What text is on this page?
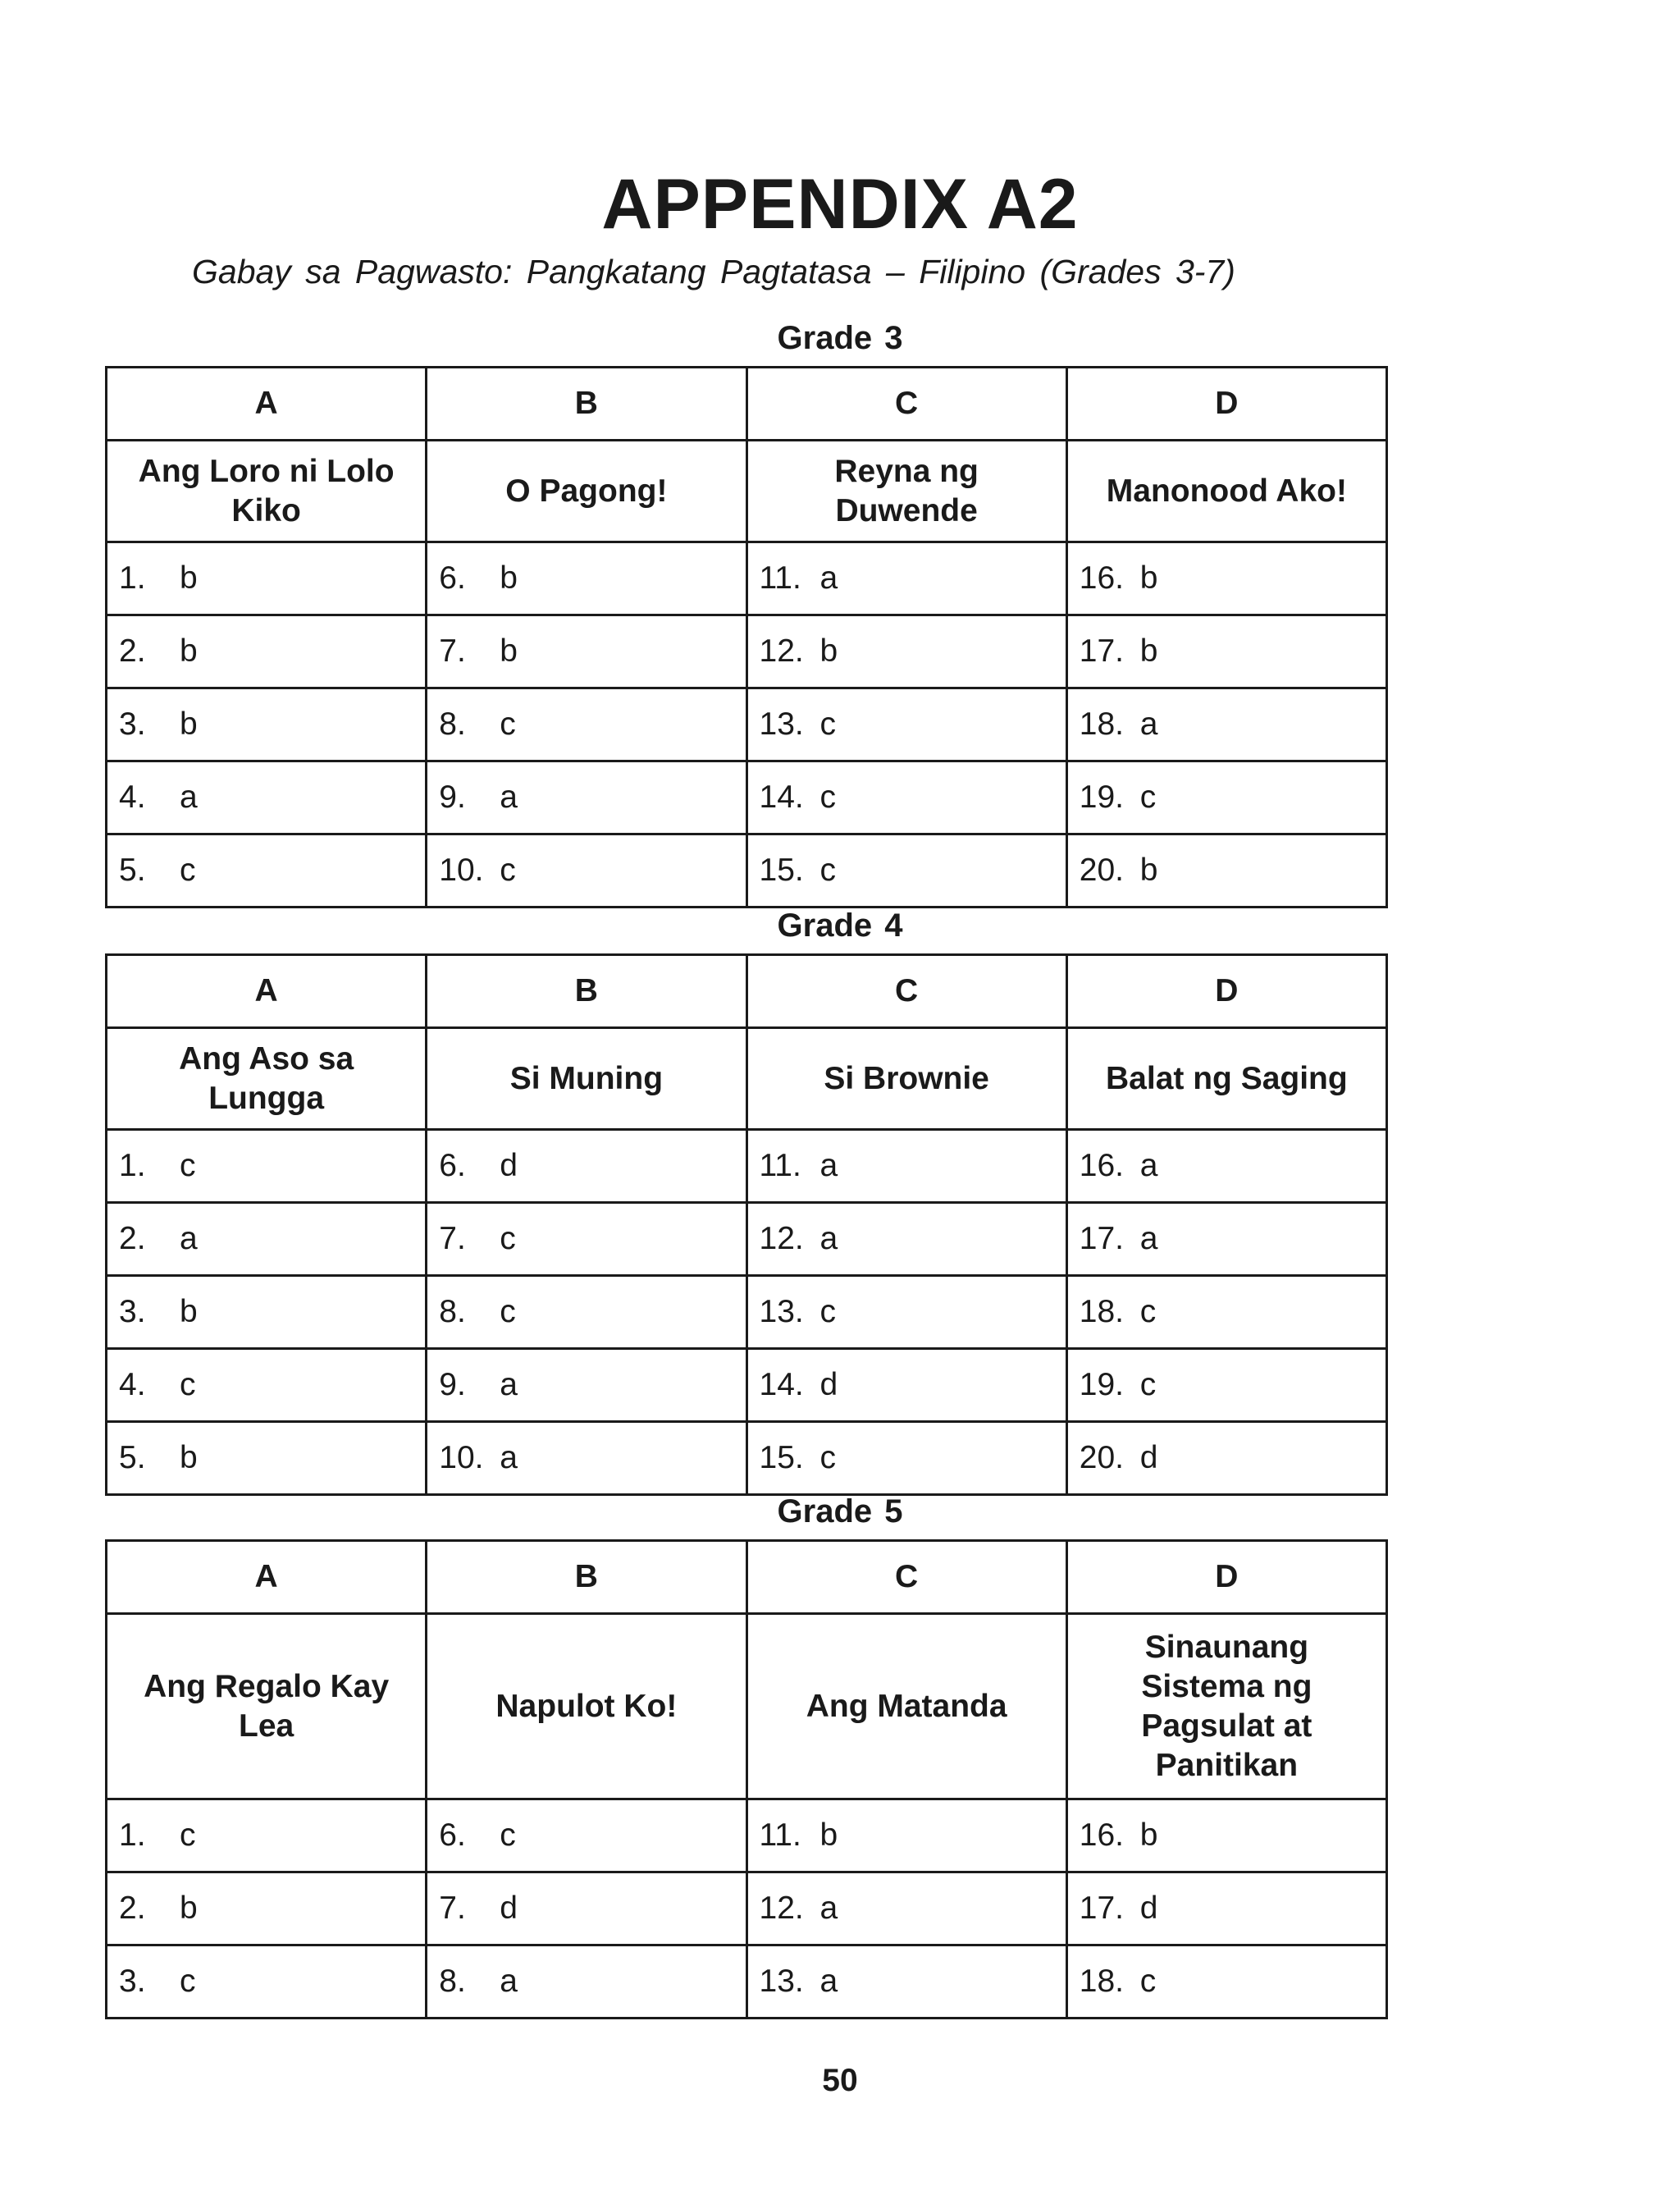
APPENDIX A2
Gabay sa Pagwasto: Pangkatang Pagtatasa – Filipino (Grades 3-7)
Grade 3
A	B	C	D
Ang Loro ni Lolo Kiko	O Pagong!	Reyna ng Duwende	Manonood Ako!
1. b	6. b	11. a	16. b
2. b	7. b	12. b	17. b
3. b	8. c	13. c	18. a
4. a	9. a	14. c	19. c
5. c	10. c	15. c	20. b
Grade 4
A	B	C	D
Ang Aso sa Lungga	Si Muning	Si Brownie	Balat ng Saging
1. c	6. d	11. a	16. a
2. a	7. c	12. a	17. a
3. b	8. c	13. c	18. c
4. c	9. a	14. d	19. c
5. b	10. a	15. c	20. d
Grade 5
A	B	C	D
Ang Regalo Kay Lea	Napulot Ko!	Ang Matanda	Sinaunang Sistema ng Pagsulat at Panitikan
1. c	6. c	11. b	16. b
2. b	7. d	12. a	17. d
3. c	8. a	13. a	18. c
50
